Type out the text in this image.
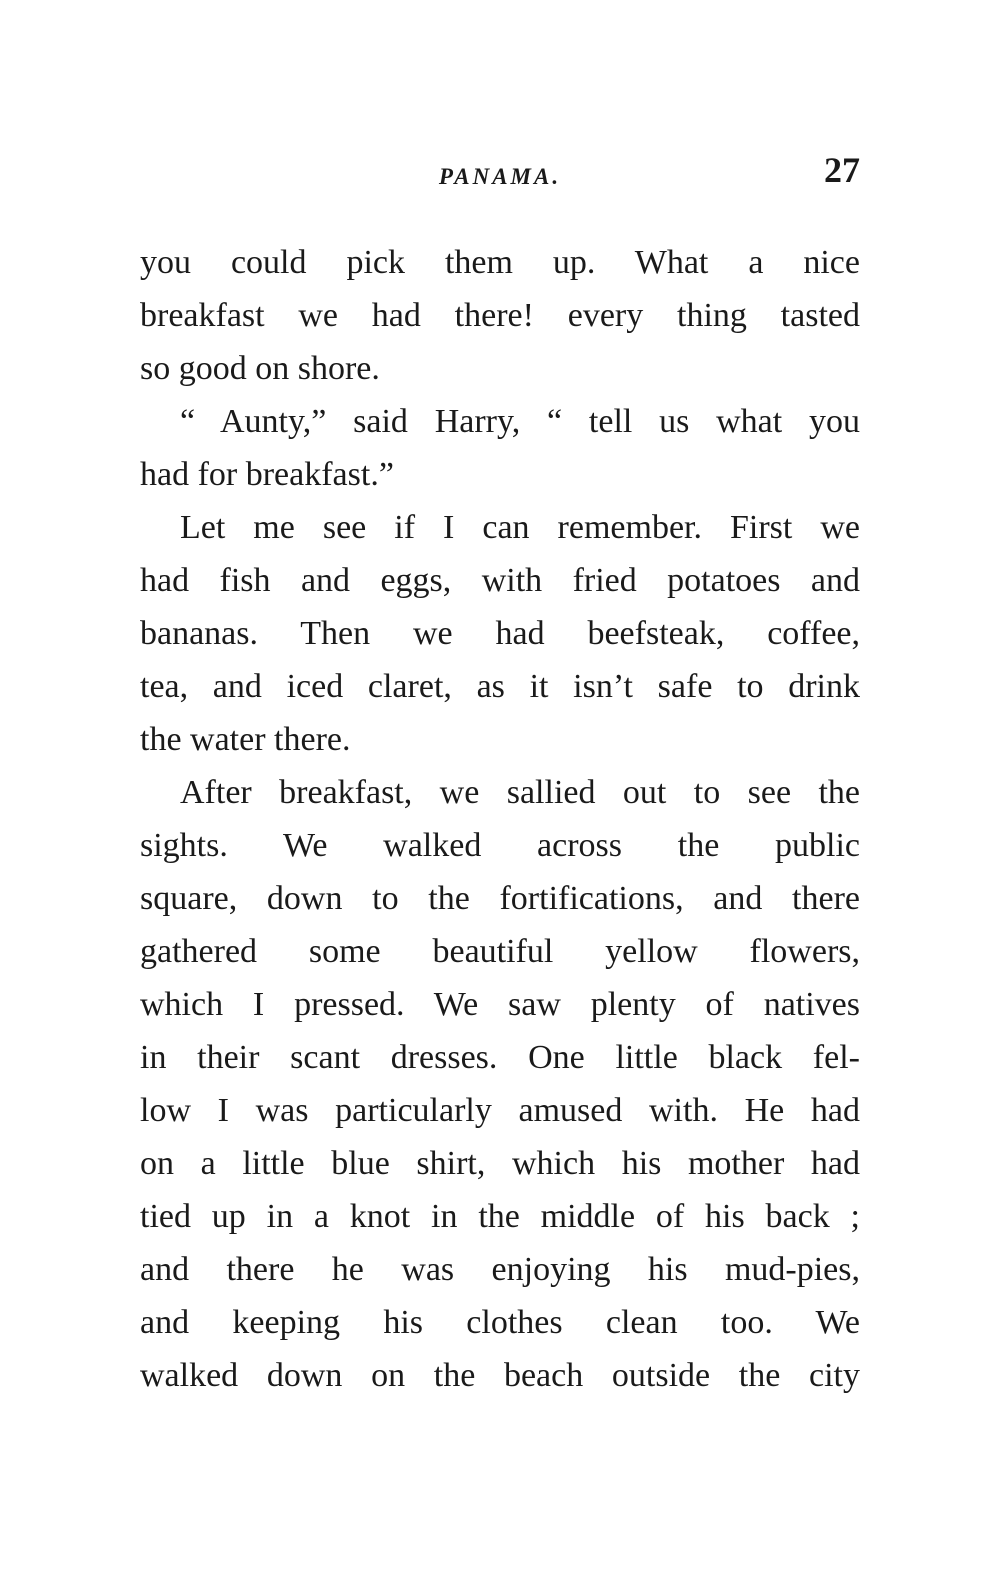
PANAMA.	27
you could pick them up. What a nice
breakfast we had there! every thing tasted
so good on shore.
“ Aunty,” said Harry, “ tell us what you
had for breakfast.”
Let me see if I can remember. First we
had fish and eggs, with fried potatoes and
bananas. Then we had beefsteak, coffee,
tea, and iced claret, as it isn’t safe to drink
the water there.
After breakfast, we sallied out to see the
sights. We walked across the public
square, down to the fortifications, and there
gathered some beautiful yellow flowers,
which I pressed. We saw plenty of natives
in their scant dresses. One little black fel-
low I was particularly amused with. He had
on a little blue shirt, which his mother had
tied up in a knot in the middle of his back ;
and there he was enjoying his mud-pies,
and keeping his clothes clean too. We
walked down on the beach outside the city
